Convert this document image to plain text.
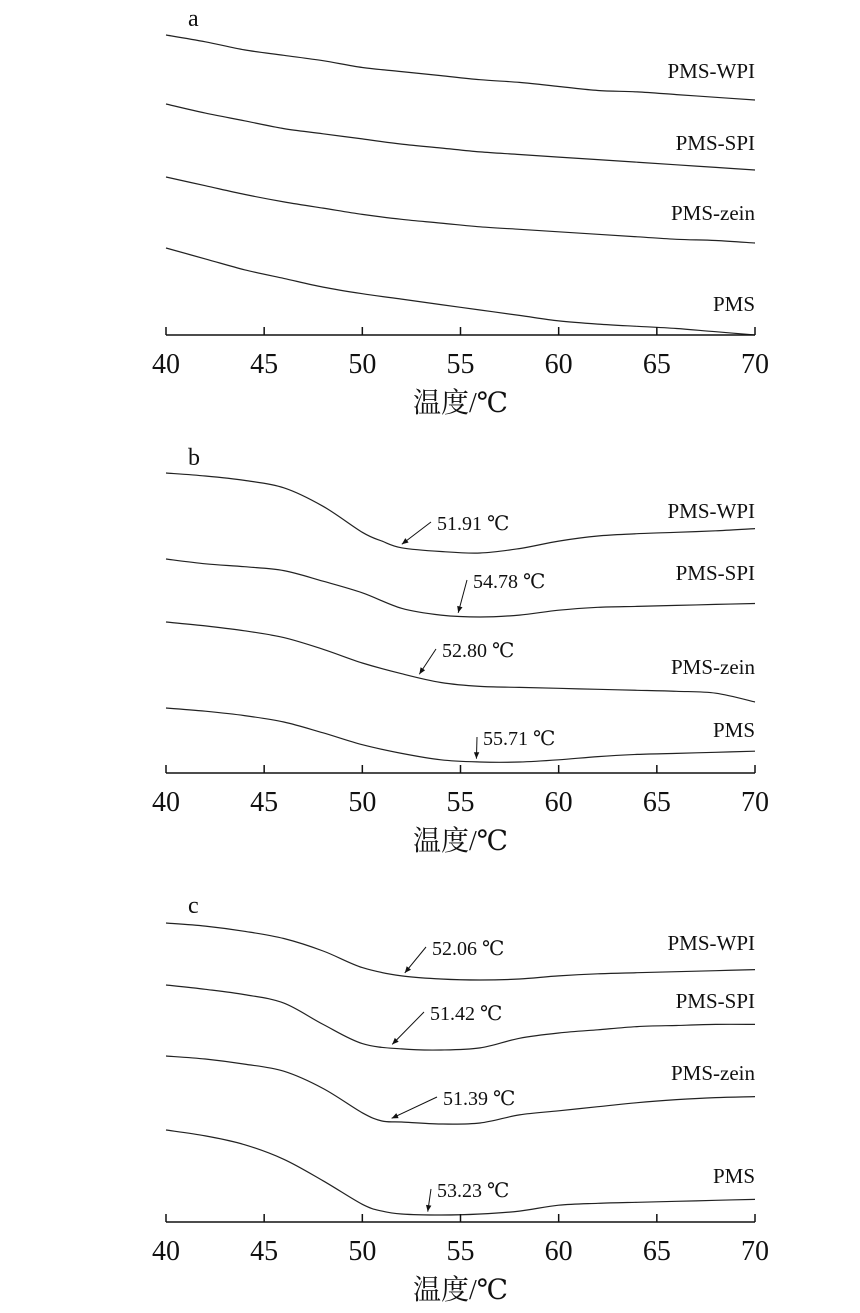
a
PMS-WPI
PMS-SPI
PMS-zein
PMS
40	45	50	55	60	65	70
温度/℃
b
PMS-WPI
51.91 ℃
PMS-SPI
54.78 ℃
PMS-zein
52.80 ℃
PMS
55.71 ℃
40	45	50	55	60	65	70
温度/℃
c
PMS-WPI
52.06 ℃
PMS-SPI
51.42 ℃
PMS-zein
51.39 ℃
PMS
53.23 ℃
40	45	50	55	60	65	70
温度/℃
